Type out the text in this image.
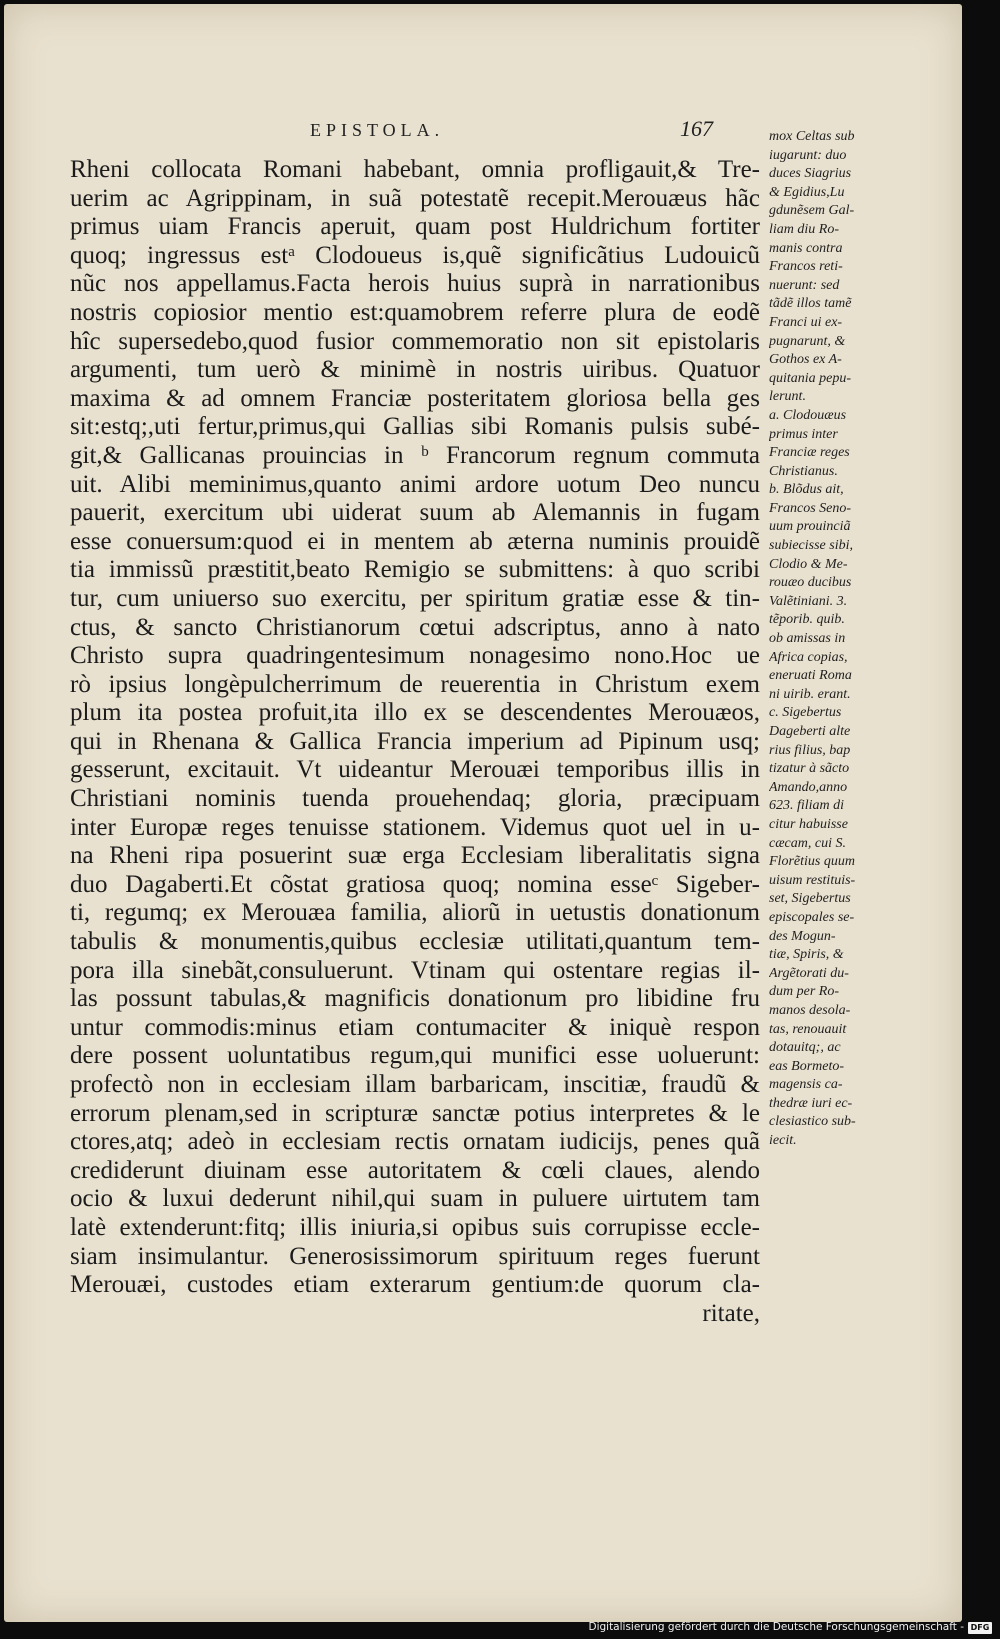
EPISTOLA.	167
Rheni collocata Romani habebant, omnia profligauit,& Tre-
uerim ac Agrippinam, in suã potestatẽ recepit.Merouæus hãc
primus uiam Francis aperuit, quam post Huldrichum fortiter
quoq; ingressus estᵃ Clodoueus is,quẽ significãtius Ludouicũ
nũc nos appellamus.Facta herois huius suprà in narrationibus
nostris copiosior mentio est:quamobrem referre plura de eodẽ
hîc supersedebo,quod fusior commemoratio non sit epistolaris
argumenti, tum uerò & minimè in nostris uiribus. Quatuor
maxima & ad omnem Franciæ posteritatem gloriosa bella ges
sit:estq;,uti fertur,primus,qui Gallias sibi Romanis pulsis subé-
git,& Gallicanas prouincias in ᵇ Francorum regnum commuta
uit. Alibi meminimus,quanto animi ardore uotum Deo nuncu
pauerit, exercitum ubi uiderat suum ab Alemannis in fugam
esse conuersum:quod ei in mentem ab æterna numinis prouidẽ
tia immissũ præstitit,beato Remigio se submittens: à quo scribi
tur, cum uniuerso suo exercitu, per spiritum gratiæ esse & tin-
ctus, & sancto Christianorum cœtui adscriptus, anno à nato
Christo supra quadringentesimum nonagesimo nono.Hoc ue
rò ipsius longèpulcherrimum de reuerentia in Christum exem
plum ita postea profuit,ita illo ex se descendentes Merouæos,
qui in Rhenana & Gallica Francia imperium ad Pipinum usq;
gesserunt, excitauit. Vt uideantur Merouæi temporibus illis in
Christiani nominis tuenda prouehendaq; gloria, præcipuam
inter Europæ reges tenuisse stationem. Videmus quot uel in u-
na Rheni ripa posuerint suæ erga Ecclesiam liberalitatis signa
duo Dagaberti.Et cõstat gratiosa quoq; nomina esseᶜ Sigeber-
ti, regumq; ex Merouæa familia, aliorũ in uetustis donationum
tabulis & monumentis,quibus ecclesiæ utilitati,quantum tem-
pora illa sinebãt,consuluerunt. Vtinam qui ostentare regias il-
las possunt tabulas,& magnificis donationum pro libidine fru
untur commodis:minus etiam contumaciter & iniquè respon
dere possent uoluntatibus regum,qui munifici esse uoluerunt:
profectò non in ecclesiam illam barbaricam, inscitiæ, fraudũ &
errorum plenam,sed in scripturæ sanctæ potius interpretes & le
ctores,atq; adeò in ecclesiam rectis ornatam iudicijs, penes quã
crediderunt diuinam esse autoritatem & cœli claues, alendo
ocio & luxui dederunt nihil,qui suam in puluere uirtutem tam
latè extenderunt:fitq; illis iniuria,si opibus suis corrupisse eccle-
siam insimulantur. Generosissimorum spirituum reges fuerunt
Merouæi, custodes etiam exterarum gentium:de quorum cla-
ritate,
mox Celtas sub
iugarunt: duo
duces Siagrius
& Egidius,Lu
gdunẽsem Gal-
liam diu Ro-
manis contra
Francos reti-
nuerunt: sed
tãdẽ illos tamẽ
Franci ui ex-
pugnarunt, &
Gothos ex A-
quitania pepu-
lerunt.
a. Clodouæus
primus inter
Franciæ reges
Christianus.
b. Blõdus ait,
Francos Seno-
uum prouinciã
subiecisse sibi,
Clodio & Me-
rouæo ducibus
Valẽtiniani. 3.
tẽporib. quib.
ob amissas in
Africa copias,
eneruati Roma
ni uirib. erant.
c. Sigebertus
Dageberti alte
rius filius, bap
tizatur à sãcto
Amando,anno
623. filiam di
citur habuisse
cæcam, cui S.
Florẽtius quum
uisum restituis-
set, Sigebertus
episcopales se-
des Mogun-
tiæ, Spiris, &
Argẽtorati du-
dum per Ro-
manos desola-
tas, renouauit
dotauitq;, ac
eas Bormeto-
magensis ca-
thedræ iuri ec-
clesiastico sub-
iecit.
Digitalisierung gefördert durch die Deutsche Forschungsgemeinschaft - DFG
